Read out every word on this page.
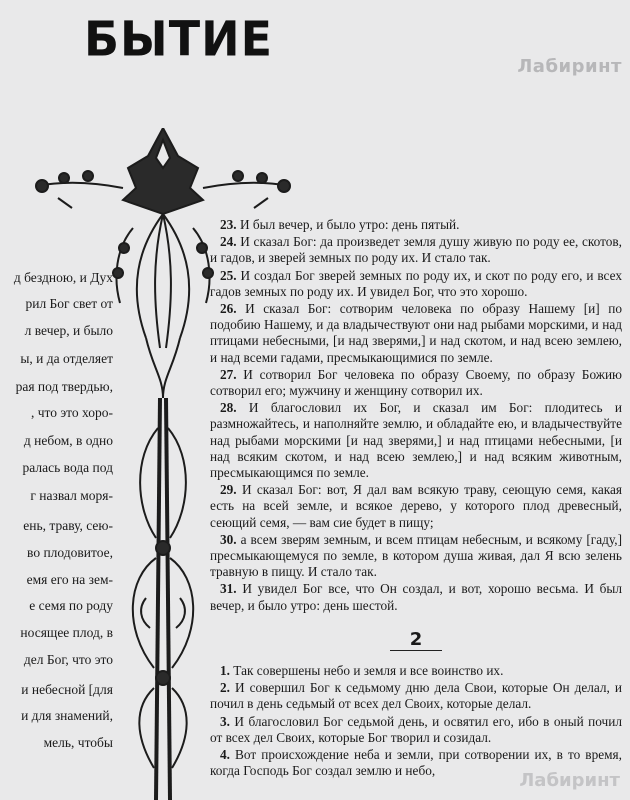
БЫТИЕ	Лабиринт
д бездною, и Дух
рил Бог свет от
л вечер, и было
ы, и да отделяет
рая под твердью,
, что это хоро-
д небом, в одно
ралась вода под
г назвал моря-
ень, траву, сею-
во плодовитое,
емя его на зем-
е семя по роду
носящее плод, в
дел Бог, что это
и небесной [для
и для знамений,
мель, чтобы

23. И был вечер, и было утро: день пятый.

24. И сказал Бог: да произведет земля душу живую по роду ее, скотов, и гадов, и зверей земных по роду их. И стало так.

25. И создал Бог зверей земных по роду их, и скот по роду его, и всех гадов земных по роду их. И увидел Бог, что это хорошо.

26. И сказал Бог: сотворим человека по образу Нашему [и] по подобию Нашему, и да владычествуют они над рыбами морскими, и над птицами небесными, [и над зверями,] и над скотом, и над всею землею, и над всеми гадами, пресмыкающимися по земле.

27. И сотворил Бог человека по образу Своему, по образу Божию сотворил его; мужчину и женщину сотворил их.

28. И благословил их Бог, и сказал им Бог: плодитесь и размножайтесь, и наполняйте землю, и обладайте ею, и владычествуйте над рыбами морскими [и над зверями,] и над птицами небесными, [и над всяким скотом, и над всею землею,] и над всяким животным, пресмыкающимся по земле.

29. И сказал Бог: вот, Я дал вам всякую траву, сеющую семя, какая есть на всей земле, и всякое дерево, у которого плод древесный, сеющий семя, — вам сие будет в пищу;

30. а всем зверям земным, и всем птицам небесным, и всякому [гаду,] пресмыкающемуся по земле, в котором душа живая, дал Я всю зелень травную в пищу. И стало так.

31. И увидел Бог все, что Он создал, и вот, хорошо весьма. И был вечер, и было утро: день шестой.

2

1. Так совершены небо и земля и все воинство их.

2. И совершил Бог к седьмому дню дела Свои, которые Он делал, и почил в день седьмый от всех дел Своих, которые делал.

3. И благословил Бог седьмой день, и освятил его, ибо в оный почил от всех дел Своих, которые Бог творил и созидал.

4. Вот происхождение неба и земли, при сотворении их, в то время, когда Господь Бог создал землю и небо,	Лабиринт
